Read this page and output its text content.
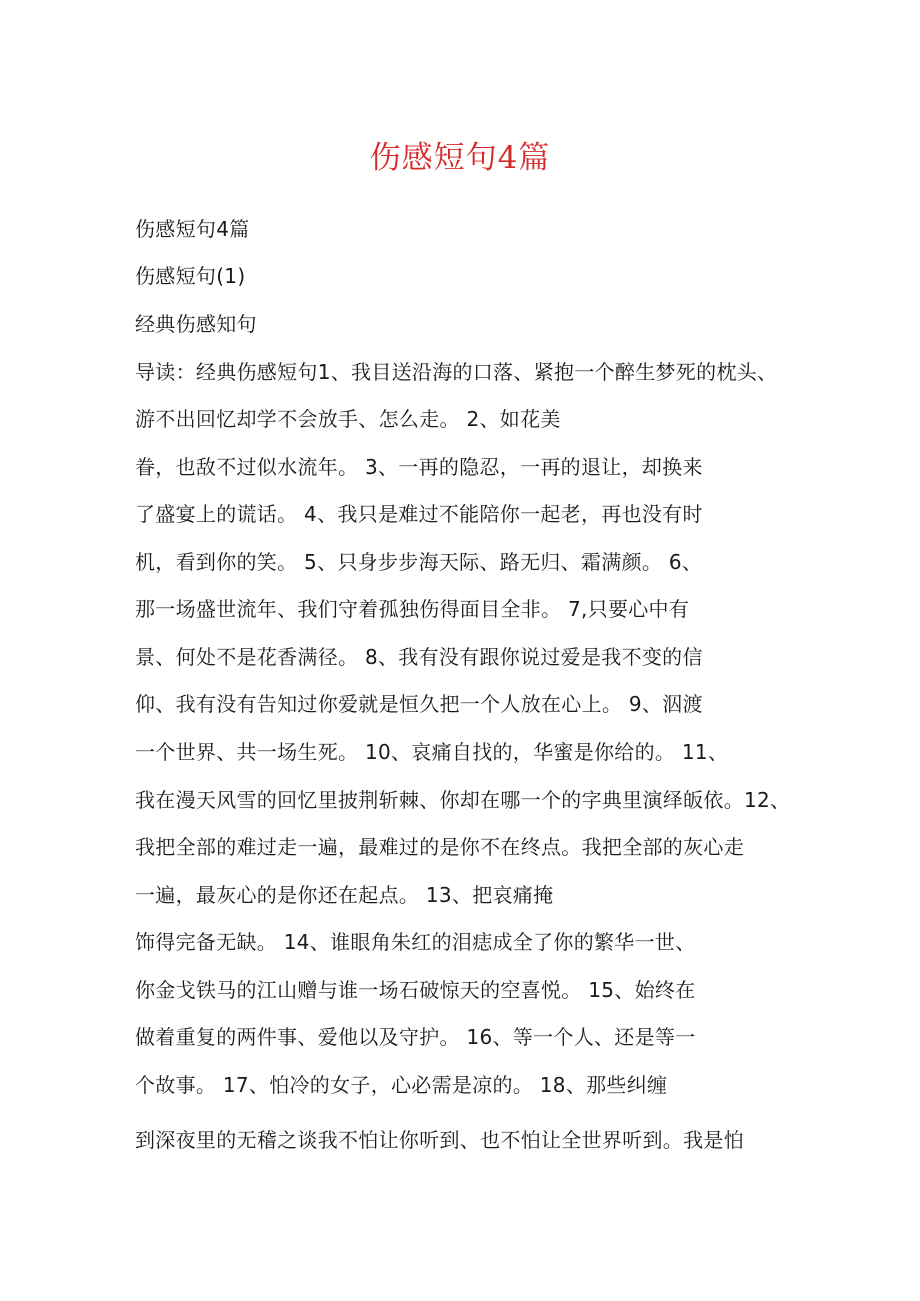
伤感短句4篇

伤感短句4篇

伤感短句(1)

经典伤感知句

导读：经典伤感短句1、我目送沿海的口落、紧抱一个醉生梦死的枕头、

游不出回忆却学不会放手、怎么走。 2、如花美

眷，也敌不过似水流年。 3、一再的隐忍，一再的退让，却换来

了盛宴上的谎话。 4、我只是难过不能陪你一起老，再也没有时

机，看到你的笑。 5、只身步步海天际、路无归、霜满颜。 6、

那一场盛世流年、我们守着孤独伤得面目全非。 7,只要心中有

景、何处不是花香满径。 8、我有没有跟你说过爱是我不变的信

仰、我有没有告知过你爱就是恒久把一个人放在心上。 9、泅渡

一个世界、共一场生死。 10、哀痛自找的，华蜜是你给的。 11、

我在漫天风雪的回忆里披荆斩棘、你却在哪一个的字典里演绎皈依。12、

我把全部的难过走一遍，最难过的是你不在终点。我把全部的灰心走

一遍，最灰心的是你还在起点。 13、把哀痛掩

饰得完备无缺。 14、谁眼角朱红的泪痣成全了你的繁华一世、

你金戈铁马的江山赠与谁一场石破惊天的空喜悦。 15、始终在

做着重复的两件事、爱他以及守护。 16、等一个人、还是等一

个故事。 17、怕冷的女子，心必需是凉的。 18、那些纠缠

到深夜里的无稽之谈我不怕让你听到、也不怕让全世界听到。我是怕
